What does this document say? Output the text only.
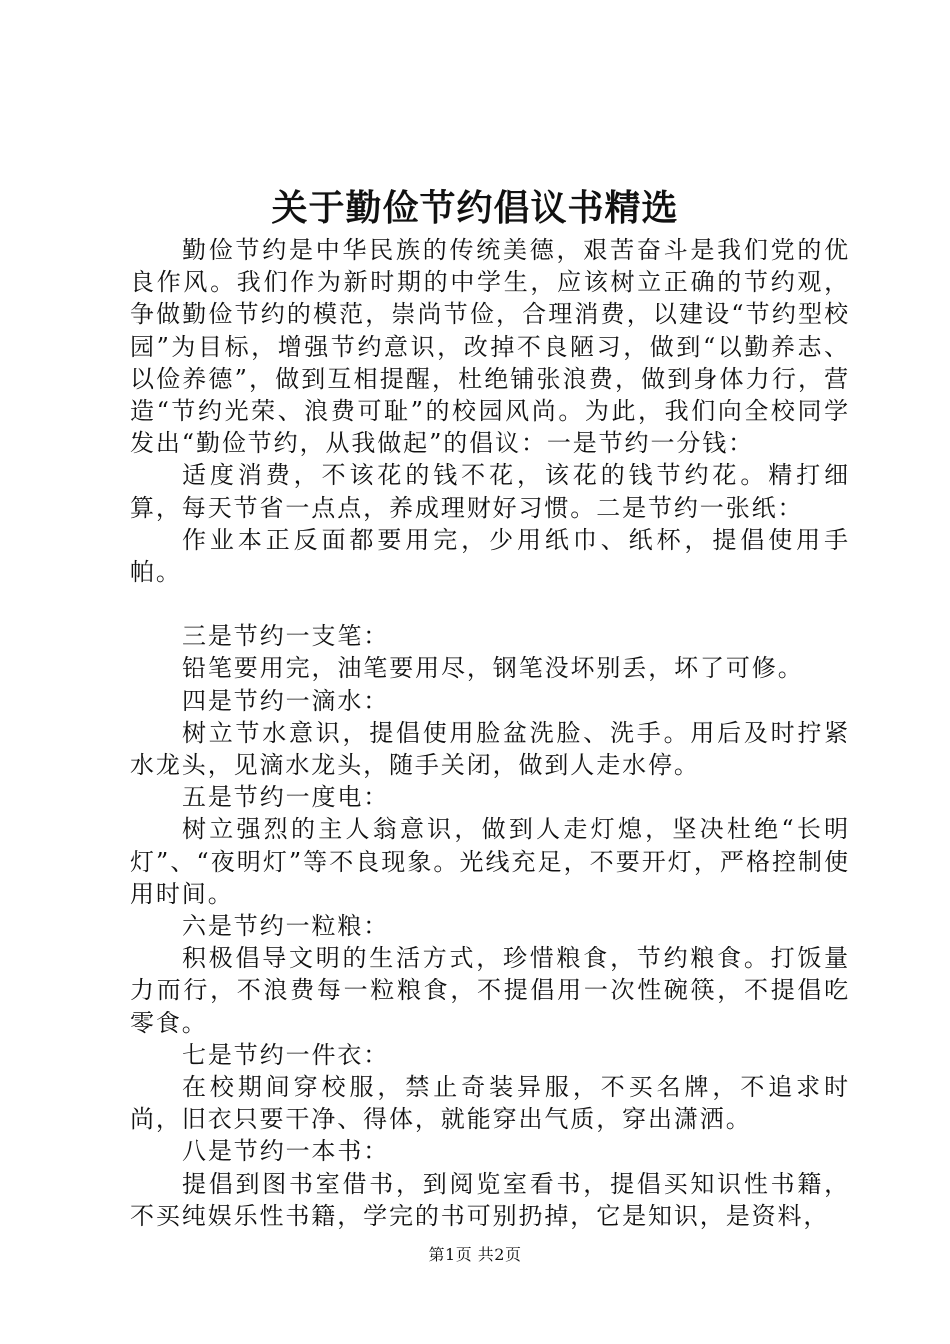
关于勤俭节约倡议书精选

勤俭节约是中华民族的传统美德，艰苦奋斗是我们党的优良作风。我们作为新时期的中学生，应该树立正确的节约观，争做勤俭节约的模范，崇尚节俭，合理消费，以建设“节约型校园”为目标，增强节约意识，改掉不良陋习，做到“以勤养志、以俭养德”，做到互相提醒，杜绝铺张浪费，做到身体力行，营造“节约光荣、浪费可耻”的校园风尚。为此，我们向全校同学发出“勤俭节约，从我做起”的倡议：一是节约一分钱：

适度消费，不该花的钱不花，该花的钱节约花。精打细算，每天节省一点点，养成理财好习惯。二是节约一张纸：

作业本正反面都要用完，少用纸巾、纸杯，提倡使用手帕。

三是节约一支笔：

铅笔要用完，油笔要用尽，钢笔没坏别丢，坏了可修。

四是节约一滴水：

树立节水意识，提倡使用脸盆洗脸、洗手。用后及时拧紧水龙头，见滴水龙头，随手关闭，做到人走水停。

五是节约一度电：

树立强烈的主人翁意识，做到人走灯熄，坚决杜绝“长明灯”、“夜明灯”等不良现象。光线充足，不要开灯，严格控制使用时间。

六是节约一粒粮：

积极倡导文明的生活方式，珍惜粮食，节约粮食。打饭量力而行，不浪费每一粒粮食，不提倡用一次性碗筷，不提倡吃零食。

七是节约一件衣：

在校期间穿校服，禁止奇装异服，不买名牌，不追求时尚，旧衣只要干净、得体，就能穿出气质，穿出潇洒。

八是节约一本书：

提倡到图书室借书，到阅览室看书，提倡买知识性书籍，不买纯娱乐性书籍，学完的书可别扔掉，它是知识，是资料，

第1页 共2页
